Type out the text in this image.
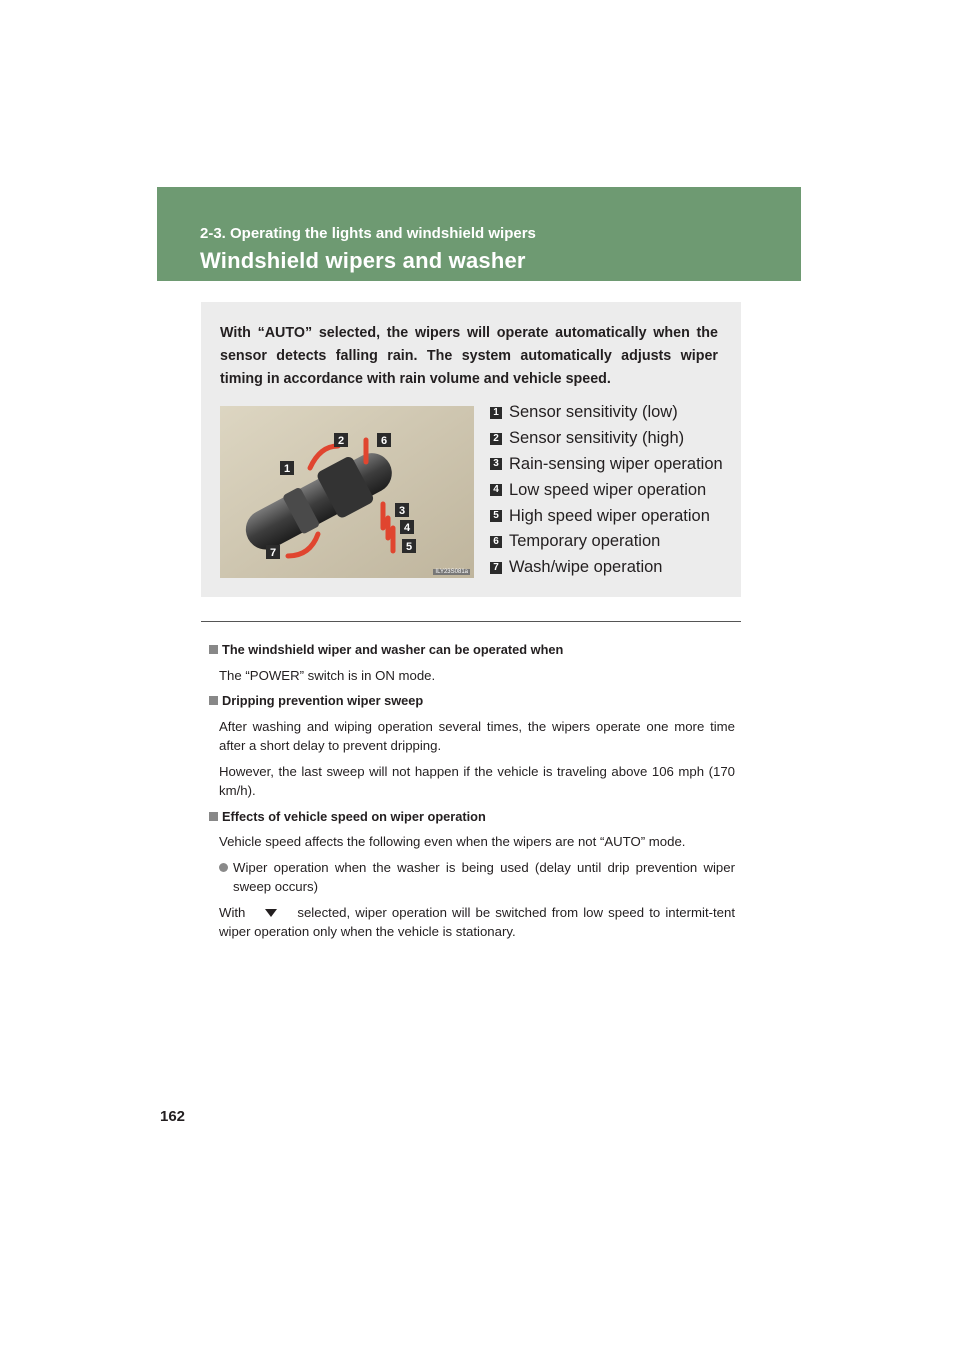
2-3. Operating the lights and windshield wipers
Windshield wipers and washer
With “AUTO” selected, the wipers will operate automatically when the sensor detects falling rain. The system automatically adjusts wiper timing in accordance with rain volume and vehicle speed.
1
2	6
3
4
5
7
ILY23S081a
1 Sensor sensitivity (low)
2 Sensor sensitivity (high)
3 Rain-sensing wiper operation
4 Low speed wiper operation
5 High speed wiper operation
6 Temporary operation
7 Wash/wipe operation
The windshield wiper and washer can be operated when
The “POWER” switch is in ON mode.
Dripping prevention wiper sweep
After washing and wiping operation several times, the wipers operate one more time after a short delay to prevent dripping.
However, the last sweep will not happen if the vehicle is traveling above 106 mph (170 km/h).
Effects of vehicle speed on wiper operation
Vehicle speed affects the following even when the wipers are not “AUTO” mode.
Wiper operation when the washer is being used (delay until drip prevention wiper sweep occurs)
With	selected, wiper operation will be switched from low speed to intermit-tent wiper operation only when the vehicle is stationary.
162
